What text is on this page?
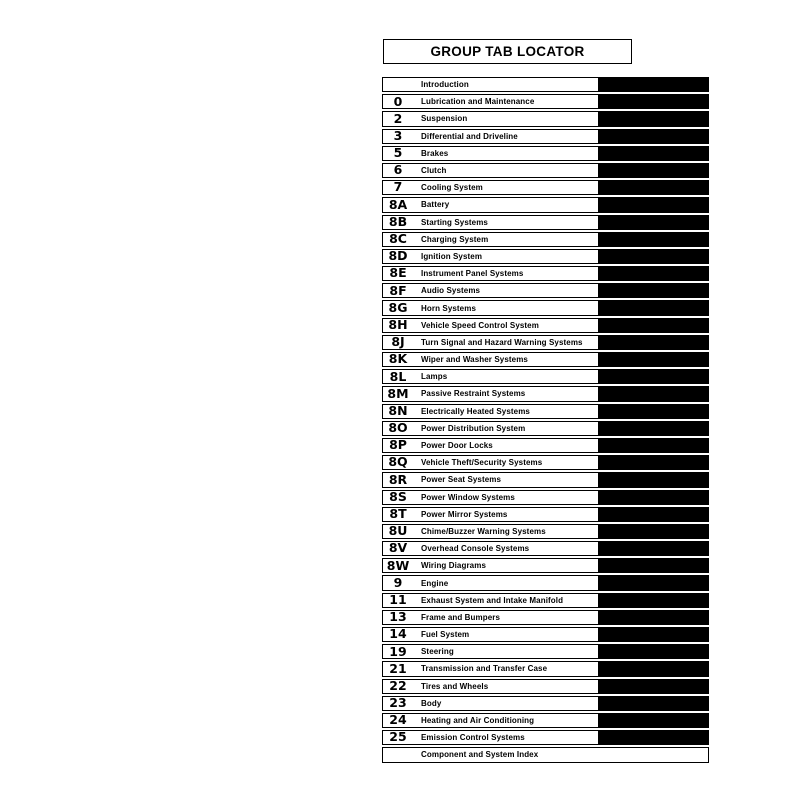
GROUP TAB LOCATOR
Introduction
0	Lubrication and Maintenance
2	Suspension
3	Differential and Driveline
5	Brakes
6	Clutch
7	Cooling System
8A	Battery
8B	Starting Systems
8C	Charging System
8D	Ignition System
8E	Instrument Panel Systems
8F	Audio Systems
8G	Horn Systems
8H	Vehicle Speed Control System
8J	Turn Signal and Hazard Warning Systems
8K	Wiper and Washer Systems
8L	Lamps
8M	Passive Restraint Systems
8N	Electrically Heated Systems
8O	Power Distribution System
8P	Power Door Locks
8Q	Vehicle Theft/Security Systems
8R	Power Seat Systems
8S	Power Window Systems
8T	Power Mirror Systems
8U	Chime/Buzzer Warning Systems
8V	Overhead Console Systems
8W	Wiring Diagrams
9	Engine
11	Exhaust System and Intake Manifold
13	Frame and Bumpers
14	Fuel System
19	Steering
21	Transmission and Transfer Case
22	Tires and Wheels
23	Body
24	Heating and Air Conditioning
25	Emission Control Systems
Component and System Index
